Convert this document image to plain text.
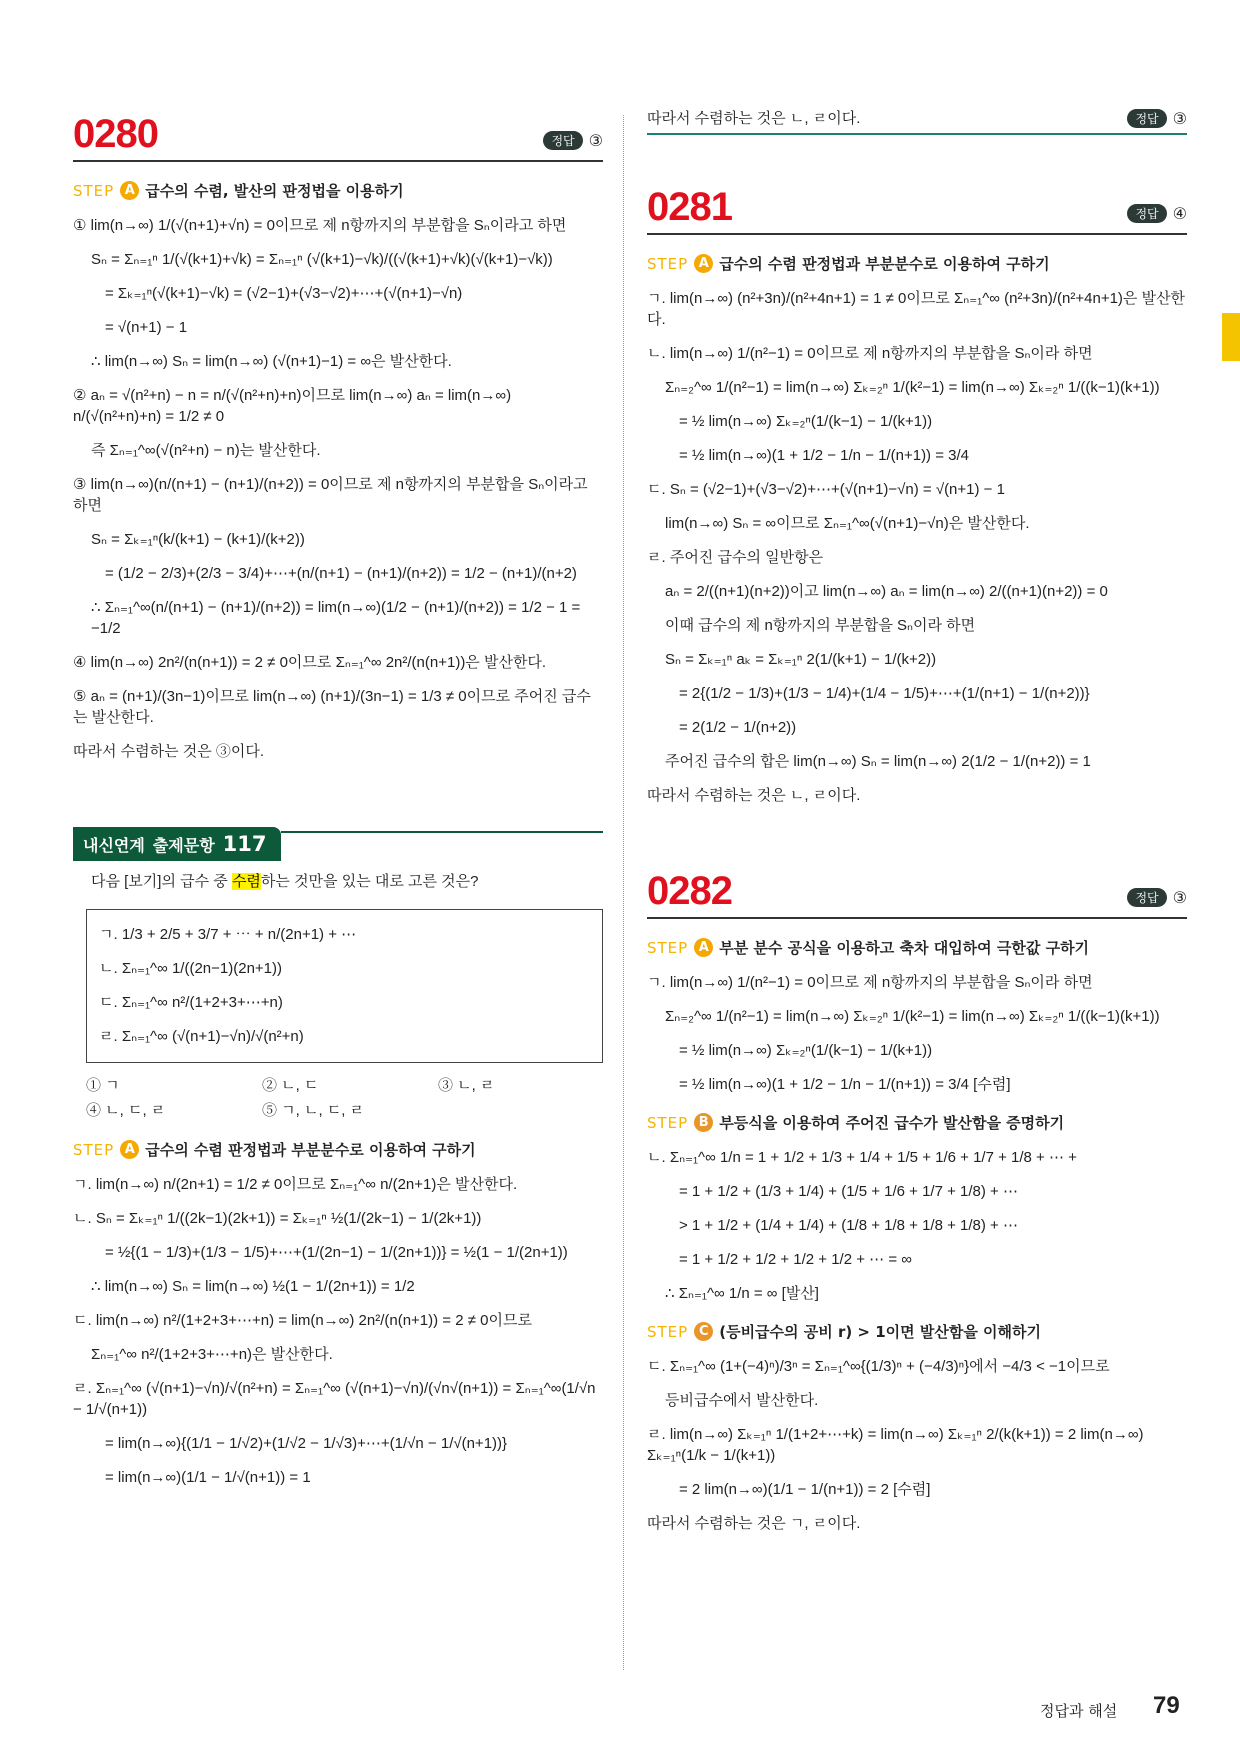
0280	정답 ③
STEP A 급수의 수렴, 발산의 판정법을 이용하기
① lim(n→∞) 1/(√(n+1)+√n) = 0이므로 제 n항까지의 부분합을 Sₙ이라고 하면
Sₙ = Σₙ₌₁ⁿ 1/(√(k+1)+√k) = Σₙ₌₁ⁿ (√(k+1)−√k)/((√(k+1)+√k)(√(k+1)−√k))
= Σₖ₌₁ⁿ(√(k+1)−√k) = (√2−1)+(√3−√2)+⋯+(√(n+1)−√n)
= √(n+1) − 1
∴ lim(n→∞) Sₙ = lim(n→∞) (√(n+1)−1) = ∞은 발산한다.
② aₙ = √(n²+n) − n = n/(√(n²+n)+n)이므로 lim(n→∞) aₙ = lim(n→∞) n/(√(n²+n)+n) = 1/2 ≠ 0
즉 Σₙ₌₁^∞(√(n²+n) − n)는 발산한다.
③ lim(n→∞)(n/(n+1) − (n+1)/(n+2)) = 0이므로 제 n항까지의 부분합을 Sₙ이라고 하면
Sₙ = Σₖ₌₁ⁿ(k/(k+1) − (k+1)/(k+2))
= (1/2 − 2/3)+(2/3 − 3/4)+⋯+(n/(n+1) − (n+1)/(n+2)) = 1/2 − (n+1)/(n+2)
∴ Σₙ₌₁^∞(n/(n+1) − (n+1)/(n+2)) = lim(n→∞)(1/2 − (n+1)/(n+2)) = 1/2 − 1 = −1/2
④ lim(n→∞) 2n²/(n(n+1)) = 2 ≠ 0이므로 Σₙ₌₁^∞ 2n²/(n(n+1))은 발산한다.
⑤ aₙ = (n+1)/(3n−1)이므로 lim(n→∞) (n+1)/(3n−1) = 1/3 ≠ 0이므로 주어진 급수는 발산한다.
따라서 수렴하는 것은 ③이다.
내신연계 출제문항 117
다음 [보기]의 급수 중 수렴하는 것만을 있는 대로 고른 것은?
ㄱ. 1/3 + 2/5 + 3/7 + ⋯ + n/(2n+1) + ⋯
ㄴ. Σₙ₌₁^∞ 1/((2n−1)(2n+1))
ㄷ. Σₙ₌₁^∞ n²/(1+2+3+⋯+n)
ㄹ. Σₙ₌₁^∞ (√(n+1)−√n)/√(n²+n)
① ㄱ	② ㄴ, ㄷ	③ ㄴ, ㄹ
④ ㄴ, ㄷ, ㄹ	⑤ ㄱ, ㄴ, ㄷ, ㄹ
STEP A 급수의 수렴 판정법과 부분분수로 이용하여 구하기
ㄱ. lim(n→∞) n/(2n+1) = 1/2 ≠ 0이므로 Σₙ₌₁^∞ n/(2n+1)은 발산한다.
ㄴ. Sₙ = Σₖ₌₁ⁿ 1/((2k−1)(2k+1)) = Σₖ₌₁ⁿ ½(1/(2k−1) − 1/(2k+1))
= ½{(1 − 1/3)+(1/3 − 1/5)+⋯+(1/(2n−1) − 1/(2n+1))} = ½(1 − 1/(2n+1))
∴ lim(n→∞) Sₙ = lim(n→∞) ½(1 − 1/(2n+1)) = 1/2
ㄷ. lim(n→∞) n²/(1+2+3+⋯+n) = lim(n→∞) 2n²/(n(n+1)) = 2 ≠ 0이므로
Σₙ₌₁^∞ n²/(1+2+3+⋯+n)은 발산한다.
ㄹ. Σₙ₌₁^∞ (√(n+1)−√n)/√(n²+n) = Σₙ₌₁^∞ (√(n+1)−√n)/(√n√(n+1)) = Σₙ₌₁^∞(1/√n − 1/√(n+1))
= lim(n→∞){(1/1 − 1/√2)+(1/√2 − 1/√3)+⋯+(1/√n − 1/√(n+1))}
= lim(n→∞)(1/1 − 1/√(n+1)) = 1
따라서 수렴하는 것은 ㄴ, ㄹ이다.	정답 ③
0281	정답 ④
STEP A 급수의 수렴 판정법과 부분분수로 이용하여 구하기
ㄱ. lim(n→∞) (n²+3n)/(n²+4n+1) = 1 ≠ 0이므로 Σₙ₌₁^∞ (n²+3n)/(n²+4n+1)은 발산한다.
ㄴ. lim(n→∞) 1/(n²−1) = 0이므로 제 n항까지의 부분합을 Sₙ이라 하면
Σₙ₌₂^∞ 1/(n²−1) = lim(n→∞) Σₖ₌₂ⁿ 1/(k²−1) = lim(n→∞) Σₖ₌₂ⁿ 1/((k−1)(k+1))
= ½ lim(n→∞) Σₖ₌₂ⁿ(1/(k−1) − 1/(k+1))
= ½ lim(n→∞)(1 + 1/2 − 1/n − 1/(n+1)) = 3/4
ㄷ. Sₙ = (√2−1)+(√3−√2)+⋯+(√(n+1)−√n) = √(n+1) − 1
lim(n→∞) Sₙ = ∞이므로 Σₙ₌₁^∞(√(n+1)−√n)은 발산한다.
ㄹ. 주어진 급수의 일반항은
aₙ = 2/((n+1)(n+2))이고 lim(n→∞) aₙ = lim(n→∞) 2/((n+1)(n+2)) = 0
이때 급수의 제 n항까지의 부분합을 Sₙ이라 하면
Sₙ = Σₖ₌₁ⁿ aₖ = Σₖ₌₁ⁿ 2(1/(k+1) − 1/(k+2))
= 2{(1/2 − 1/3)+(1/3 − 1/4)+(1/4 − 1/5)+⋯+(1/(n+1) − 1/(n+2))}
= 2(1/2 − 1/(n+2))
주어진 급수의 합은 lim(n→∞) Sₙ = lim(n→∞) 2(1/2 − 1/(n+2)) = 1
따라서 수렴하는 것은 ㄴ, ㄹ이다.
0282	정답 ③
STEP A 부분 분수 공식을 이용하고 축차 대입하여 극한값 구하기
ㄱ. lim(n→∞) 1/(n²−1) = 0이므로 제 n항까지의 부분합을 Sₙ이라 하면
Σₙ₌₂^∞ 1/(n²−1) = lim(n→∞) Σₖ₌₂ⁿ 1/(k²−1) = lim(n→∞) Σₖ₌₂ⁿ 1/((k−1)(k+1))
= ½ lim(n→∞) Σₖ₌₂ⁿ(1/(k−1) − 1/(k+1))
= ½ lim(n→∞)(1 + 1/2 − 1/n − 1/(n+1)) = 3/4 [수렴]
STEP B 부등식을 이용하여 주어진 급수가 발산함을 증명하기
ㄴ. Σₙ₌₁^∞ 1/n = 1 + 1/2 + 1/3 + 1/4 + 1/5 + 1/6 + 1/7 + 1/8 + ⋯ +
= 1 + 1/2 + (1/3 + 1/4) + (1/5 + 1/6 + 1/7 + 1/8) + ⋯
> 1 + 1/2 + (1/4 + 1/4) + (1/8 + 1/8 + 1/8 + 1/8) + ⋯
= 1 + 1/2 + 1/2 + 1/2 + 1/2 + ⋯ = ∞
∴ Σₙ₌₁^∞ 1/n = ∞ [발산]
STEP C (등비급수의 공비 r) > 1이면 발산함을 이해하기
ㄷ. Σₙ₌₁^∞ (1+(−4)ⁿ)/3ⁿ = Σₙ₌₁^∞{(1/3)ⁿ + (−4/3)ⁿ}에서 −4/3 < −1이므로
등비급수에서 발산한다.
ㄹ. lim(n→∞) Σₖ₌₁ⁿ 1/(1+2+⋯+k) = lim(n→∞) Σₖ₌₁ⁿ 2/(k(k+1)) = 2 lim(n→∞) Σₖ₌₁ⁿ(1/k − 1/(k+1))
= 2 lim(n→∞)(1/1 − 1/(n+1)) = 2 [수렴]
따라서 수렴하는 것은 ㄱ, ㄹ이다.
정답과 해설 79
